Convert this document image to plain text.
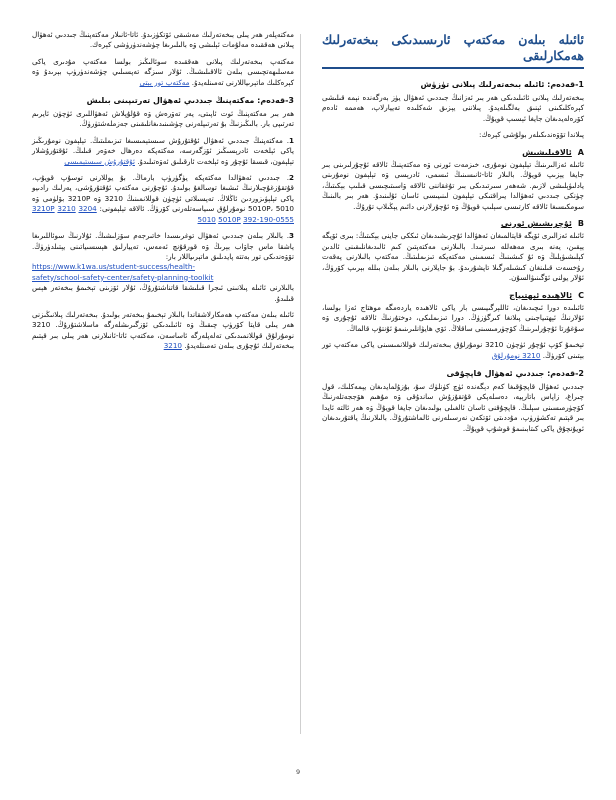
ئائىلە بىلەن مەكتەپ ئارىسىدىكى بىخەتەرلىك ھەمكارلىقى
1-قەدەم: ئائىلە بىخەتەرلىك پىلانى تۈزۈش

بىخەتەرلىك پىلانى ئائىلىدىكى ھەر بىر ئەزانىڭ جىددىي ئەھۋال يۈز بەرگەندە نېمە قىلىشى كېرەكلىكىنى ئېنىق بەلگىلەيدۇ. پىلاننى يېزىق شەكلىدە تەييارلاپ، ھەممە ئادەم كۆرەلەيدىغان جايغا ئېسىپ قويۇڭ.

پىلاندا تۆۋەندىكىلەر بولۇشى كېرەك:

Aئالاقىلىشىش

ئائىلە ئەزالىرىنىڭ تېلېفون نومۇرى، خىزمەت ئورنى ۋە مەكتەپنىڭ ئالاقە ئۇچۇرلىرىنى بىر جايغا يېزىپ قويۇڭ. بالىلار ئاتا-ئانىسىنىڭ ئىسمى، ئادرېسى ۋە تېلېفون نومۇرىنى يادلىۋېلىشى لازىم. شەھەر سىرتىدىكى بىر تۇغقاننى ئالاقە ۋاسىتىچىسى قىلىپ بېكىتىڭ، چۈنكى جىددىي ئەھۋالدا يىراقتىكى تېلېفون لىنىيىسى ئاسان ئۇلىنىدۇ. ھەر بىر بالىنىڭ سومكىسىغا ئالاقە كارتىسى سېلىپ قويۇڭ ۋە ئۇچۇرلارنى دائىم يېڭىلاپ تۇرۇڭ.

Bئۇچرىشىش ئورنى

ئائىلە ئەزالىرى ئۆيگە قايتالمىغان ئەھۋالدا ئۇچرىشىدىغان ئىككى جاينى بېكىتىڭ: بىرى ئۆيگە يېقىن، يەنە بىرى مەھەللە سىرتىدا. بالىلارنى مەكتەپتىن كىم ئالىدىغانلىقىنى ئالدىن كېلىشىۋېلىڭ ۋە ئۇ كىشىنىڭ ئىسمىنى مەكتەپكە تىزىملىتىڭ. مەكتەپ بالىلارنى پەقەت رۇخسەت قىلىنغان كىشىلەرگىلا تاپشۇرىدۇ. بۇ جايلارنى بالىلار بىلەن بىللە بېرىپ كۆرۈڭ، ئۇلار يولنى ئۆگىنىۋالسۇن.

Cئالاھىدە ئېھتىياج

ئائىلىدە دورا ئىچىدىغان، ئاللېرگىيىسى بار ياكى ئالاھىدە ياردەمگە موھتاج ئەزا بولسا، ئۇلارنىڭ ئېھتىياجىنى پىلانغا كىرگۈزۈڭ. دورا تىزىملىكى، دوختۇرنىڭ ئالاقە ئۇچۇرى ۋە سۇغۇرتا ئۇچۇرلىرىنىڭ كۆچۈرمىسىنى ساقلاڭ. ئۆي ھايۋانلىرىنىمۇ ئۇنتۇپ قالماڭ.

تېخىمۇ كۆپ ئۇچۇر ئۈچۈن 3210 نومۇرلۇق بىخەتەرلىك قوللانمىسىنى ياكى مەكتەپ تور بېتىنى كۆرۈڭ. 3210 نومۇرلۇق

2-قەدەم: جىددىي ئەھۋال قاپچۇقى

جىددىي ئەھۋال قاپچۇقىغا كەم دېگەندە ئۈچ كۈنلۈك سۇ، بۇزۇلمايدىغان يېمەكلىك، قول چىراغ، زاپاس باتارېيە، دەسلەپكى قۇتقۇزۇش ساندۇقى ۋە مۇھىم ھۆججەتلەرنىڭ كۆچۈرمىسىنى سېلىڭ. قاپچۇقنى ئاسان ئالغىلى بولىدىغان جايغا قويۇڭ ۋە ھەر ئالتە ئايدا بىر قېتىم تەكشۈرۈپ، مۇددىتى ئۆتكەن نەرسىلەرنى ئالماشتۇرۇڭ. بالىلارنىڭ ياقتۇرىدىغان ئويۇنچۇق ياكى كىتابىنىمۇ قوشۇپ قويۇڭ.

مەكتەپلەر ھەر يىلى بىخەتەرلىك مەشىقى ئۆتكۈزىدۇ. ئاتا-ئانىلار مەكتەپنىڭ جىددىي ئەھۋال پىلانى ھەققىدە مەلۇمات ئېلىشى ۋە بالىلىرىغا چۈشەندۈرۈشى كېرەك.

مەكتەپ بىخەتەرلىك پىلانى ھەققىدە سوئالىڭىز بولسا مەكتەپ مۇدىرى ياكى مەسلىھەتچىسى بىلەن ئالاقىلىشىڭ. ئۇلار سىزگە تەپسىلىي چۈشەندۈرۈپ بېرىدۇ ۋە كېرەكلىك ماتېرىياللارنى تەمىنلەيدۇ. مەكتەپ تور بېتى

3-قەدەم: مەكتەپنىڭ جىددىي ئەھۋال تەرتىپىنى بىلىش

ھەر بىر مەكتەپنىڭ ئوت ئاپىتى، يەر تەۋرەش ۋە قۇلۇپلاش ئەھۋاللىرى ئۈچۈن ئايرىم تەرتىپى بار. بالىڭىزنىڭ بۇ تەرتىپلەرنى چۈشىنىدىغانلىقىنى جەزملەشتۈرۈڭ.

1. مەكتەپنىڭ جىددىي ئەھۋال ئۇقتۇرۇش سىستېمىسىغا تىزىملىتىڭ. تېلېفون نومۇرىڭىز ياكى ئېلخەت ئادرېسىڭىز ئۆزگەرسە، مەكتەپكە دەرھال خەۋەر قىلىڭ. ئۇقتۇرۇشلار تېلېفون، قىسقا ئۇچۇر ۋە ئېلخەت ئارقىلىق ئەۋەتىلىدۇ. ئۇقتۇرۇش سىستېمىسى
2. جىددىي ئەھۋالدا مەكتەپكە يۈگۈرۈپ بارماڭ. بۇ يوللارنى توسۇپ قويۇپ، قۇتقۇزغۇچىلارنىڭ ئىشىغا توسالغۇ بولىدۇ. ئۇچۇرنى مەكتەپ ئۇقتۇرۇشى، يەرلىك رادىيو ياكى تېلېۋىزوردىن ئاڭلاڭ. تەپسىلاتى ئۈچۈن قوللانمىنىڭ 3210 ۋە 3210P بۆلۈمى ۋە 5010P، 5010 نومۇرلۇق سىياسەتلەرنى كۆرۈڭ. ئالاقە تېلېفونى: 3204 3210 3210P 5010 5010P 392-190-0555
3. بالىلار بىلەن جىددىي ئەھۋال توغرىسىدا خاتىرجەم سۆزلىشىڭ. ئۇلارنىڭ سوئاللىرىغا ياشقا ماس جاۋاب بېرىڭ ۋە قورقۇنچ ئەمەس، تەييارلىق ھېسسىياتىنى يېتىلدۈرۈڭ. تۆۋەندىكى تور بەتتە پايدىلىق ماتېرىياللار بار:
https://www.k1wa.us/student-success/health-
safety/school-safety-center/safety-planning-toolkit
بالىلارنى ئائىلە پىلانىنى ئىجرا قىلىشقا قاتناشتۇرۇڭ، ئۇلار ئۆزىنى تېخىمۇ بىخەتەر ھېس قىلىدۇ.

ئائىلە بىلەن مەكتەپ ھەمكارلاشقاندا بالىلار تېخىمۇ بىخەتەر بولىدۇ. بىخەتەرلىك پىلانىڭىزنى ھەر يىلى قايتا كۆرۈپ چىقىڭ ۋە ئائىلىدىكى ئۆزگىرىشلەرگە ماسلاشتۇرۇڭ. 3210 نومۇرلۇق قوللانمىدىكى تەلەپلەرگە ئاساسەن، مەكتەپ ئاتا-ئانىلارنى ھەر يىلى بىر قېتىم بىخەتەرلىك ئۇچۇرى بىلەن تەمىنلەيدۇ. 3210

9
